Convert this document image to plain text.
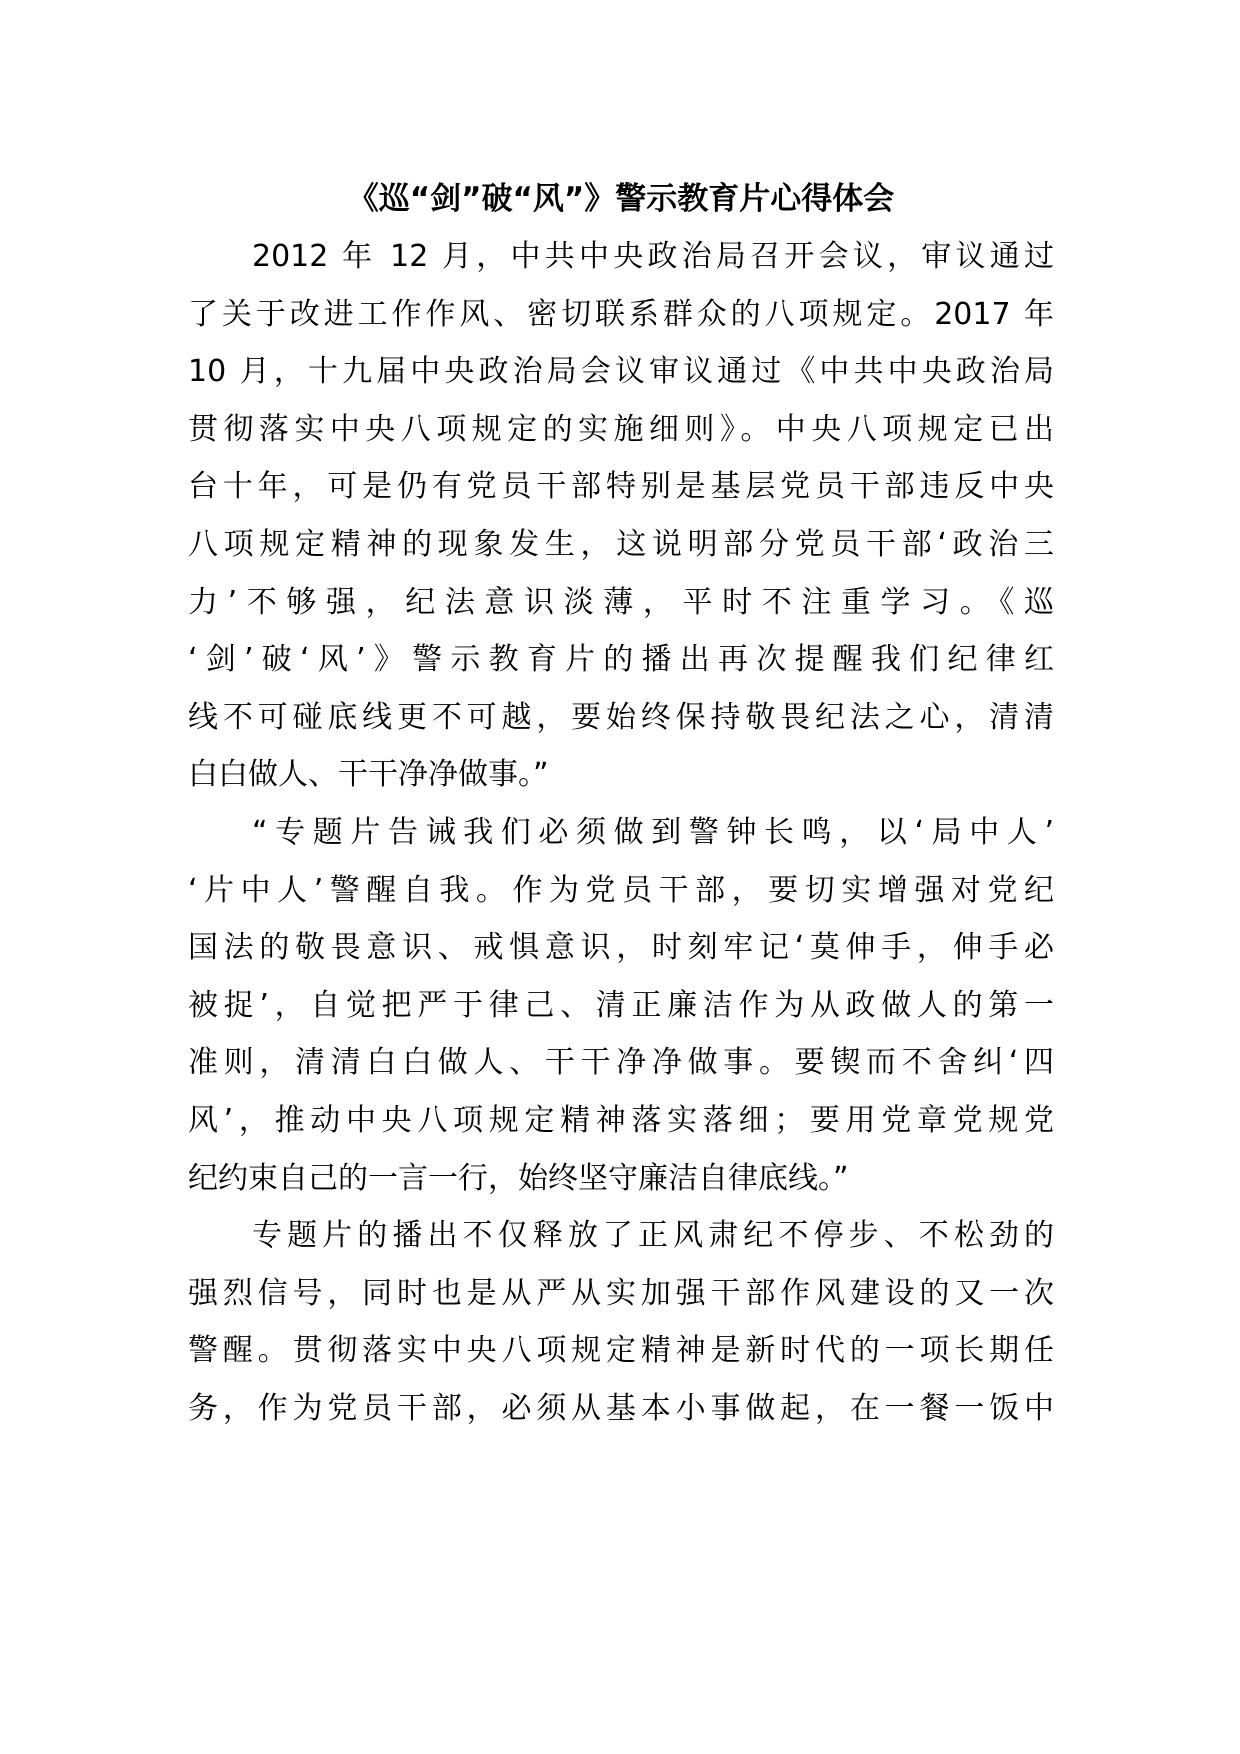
《巡“剑”破“风”》警示教育片心得体会

2012 年 12 月，中共中央政治局召开会议，审议通过

了关于改进工作作风、密切联系群众的八项规定。2017 年

10 月，十九届中央政治局会议审议通过《中共中央政治局

贯彻落实中央八项规定的实施细则》。中央八项规定已出

台十年，可是仍有党员干部特别是基层党员干部违反中央

八项规定精神的现象发生，这说明部分党员干部‘政治三

力’不够强，纪法意识淡薄，平时不注重学习。《巡

‘剑’破‘风’》警示教育片的播出再次提醒我们纪律红

线不可碰底线更不可越，要始终保持敬畏纪法之心，清清

白白做人、干干净净做事。”

“专题片告诫我们必须做到警钟长鸣，以‘局中人’

‘片中人’警醒自我。作为党员干部，要切实增强对党纪

国法的敬畏意识、戒惧意识，时刻牢记‘莫伸手，伸手必

被捉’，自觉把严于律己、清正廉洁作为从政做人的第一

准则，清清白白做人、干干净净做事。要锲而不舍纠‘四

风’，推动中央八项规定精神落实落细；要用党章党规党

纪约束自己的一言一行，始终坚守廉洁自律底线。”

专题片的播出不仅释放了正风肃纪不停步、不松劲的

强烈信号，同时也是从严从实加强干部作风建设的又一次

警醒。贯彻落实中央八项规定精神是新时代的一项长期任

务，作为党员干部，必须从基本小事做起，在一餐一饭中
